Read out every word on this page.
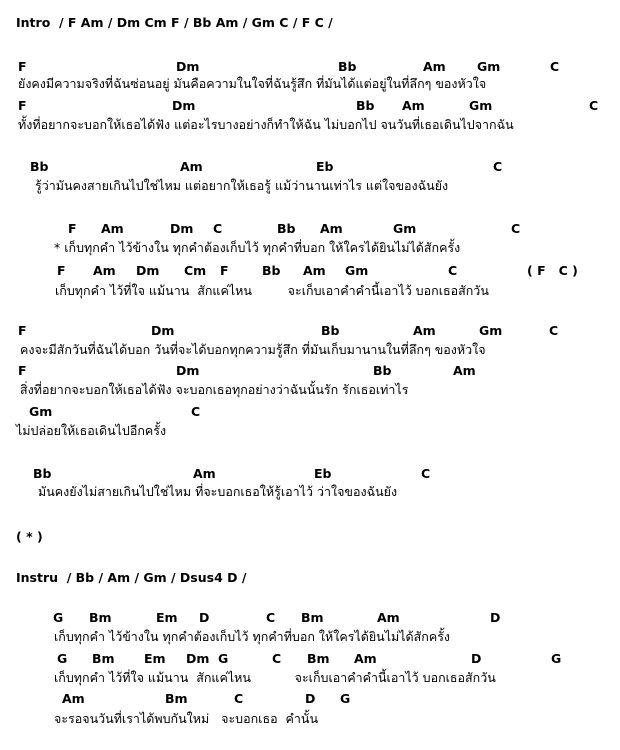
Intro  / F Am / Dm Cm F / Bb Am / Gm C / F C /
F	Dm	Bb	Am	Gm	C
ยังคงมีความจริงที่ฉันซ่อนอยู่ มันคือความในใจที่ฉันรู้สึก ที่มันได้แต่อยู่ในที่ลึกๆ ของหัวใจ
F	Dm	Bb Am	Gm	C
ทั้งที่อยากจะบอกให้เธอได้ฟัง แต่อะไรบางอย่างก็ทำให้ฉัน ไม่บอกไป จนวันที่เธอเดินไปจากฉัน
Bb	Am	Eb	C
รู้ว่ามันคงสายเกินไปใช่ไหม แต่อยากให้เธอรู้ แม้ว่านานเท่าไร แต่ใจของฉันยัง
F Am	Dm C	Bb Am	Gm	C
* เก็บทุกคำ ไว้ข้างใน ทุกคำต้องเก็บไว้ ทุกคำที่บอก ให้ใครได้ยินไม่ได้สักครั้ง
F Am Dm Cm F	Bb Am Gm	C	( F   C )
เก็บทุกคำ ไว้ที่ใจ แม้นาน  สักแค่ไหน         จะเก็บเอาคำคำนี้เอาไว้ บอกเธอสักวัน
F	Dm	Bb	Am	Gm	C
คงจะมีสักวันที่ฉันได้บอก วันที่จะได้บอกทุกความรู้สึก ที่มันเก็บมานานในที่ลึกๆ ของหัวใจ
F	Dm	Bb	Am
สิ่งที่อยากจะบอกให้เธอได้ฟัง จะบอกเธอทุกอย่างว่าฉันนั้นรัก รักเธอเท่าไร
Gm	C
ไม่ปล่อยให้เธอเดินไปอีกครั้ง
Bb	Am	Eb	C
มันคงยังไม่สายเกินไปใช่ไหม ที่จะบอกเธอให้รู้เอาไว้ ว่าใจของฉันยัง
( * )
Instru  / Bb / Am / Gm / Dsus4 D /
G Bm	Em D	C Bm	Am	D
เก็บทุกคำ ไว้ข้างใน ทุกคำต้องเก็บไว้ ทุกคำที่บอก ให้ใครได้ยินไม่ได้สักครั้ง
G Bm Em Dm G	C Bm Am	D	G
เก็บทุกคำ ไว้ที่ใจ แม้นาน  สักแค่ไหน           จะเก็บเอาคำคำนี้เอาไว้ บอกเธอสักวัน
Am	Bm	C	D G
จะรอจนวันที่เราได้พบกันใหม่   จะบอกเธอ  คำนั้น
